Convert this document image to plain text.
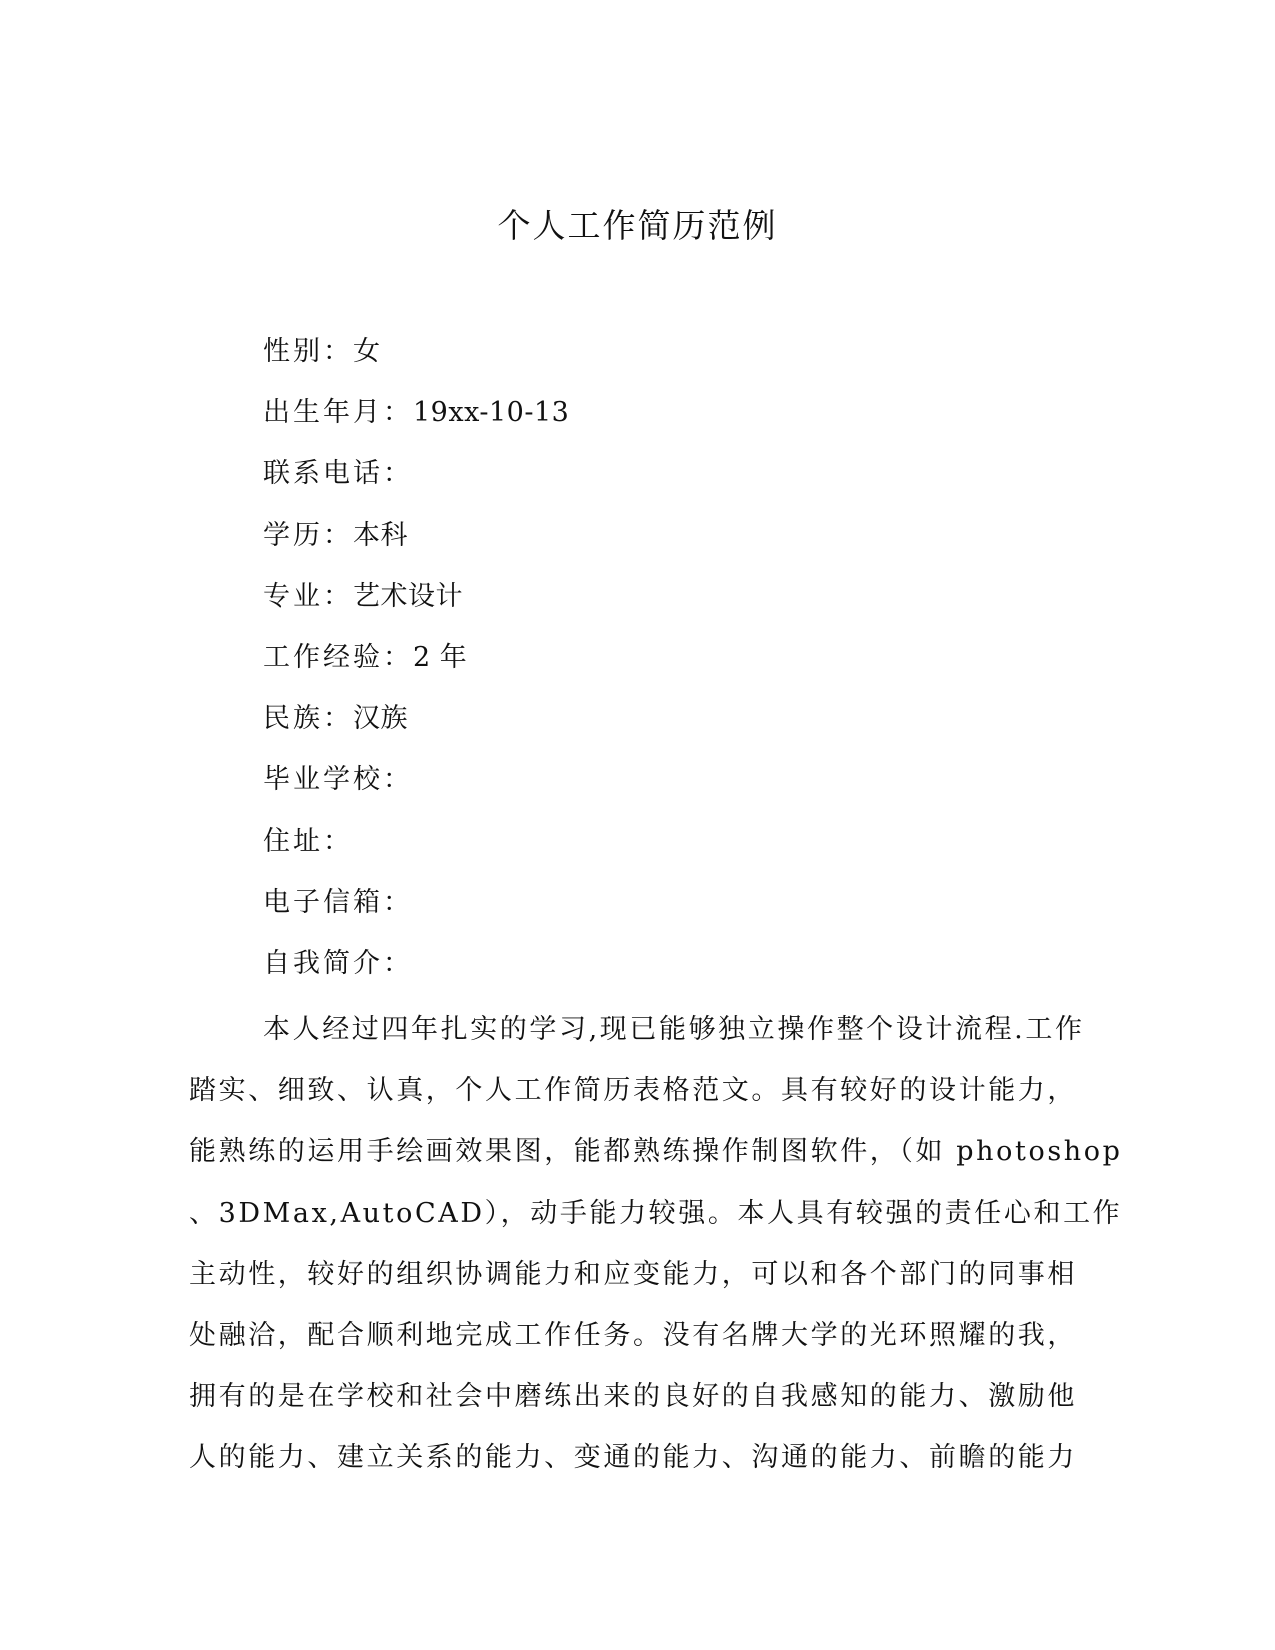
个人工作简历范例
性别：女
出生年月：19xx-10-13
联系电话：
学历：本科
专业：艺术设计
工作经验：2 年
民族：汉族
毕业学校：
住址：
电子信箱：
自我简介：
本人经过四年扎实的学习,现已能够独立操作整个设计流程.工作
踏实、细致、认真，个人工作简历表格范文。具有较好的设计能力，
能熟练的运用手绘画效果图，能都熟练操作制图软件，（如 photoshop
、3DMax,AutoCAD），动手能力较强。本人具有较强的责任心和工作
主动性，较好的组织协调能力和应变能力，可以和各个部门的同事相
处融洽，配合顺利地完成工作任务。没有名牌大学的光环照耀的我，
拥有的是在学校和社会中磨练出来的良好的自我感知的能力、激励他
人的能力、建立关系的能力、变通的能力、沟通的能力、前瞻的能力
